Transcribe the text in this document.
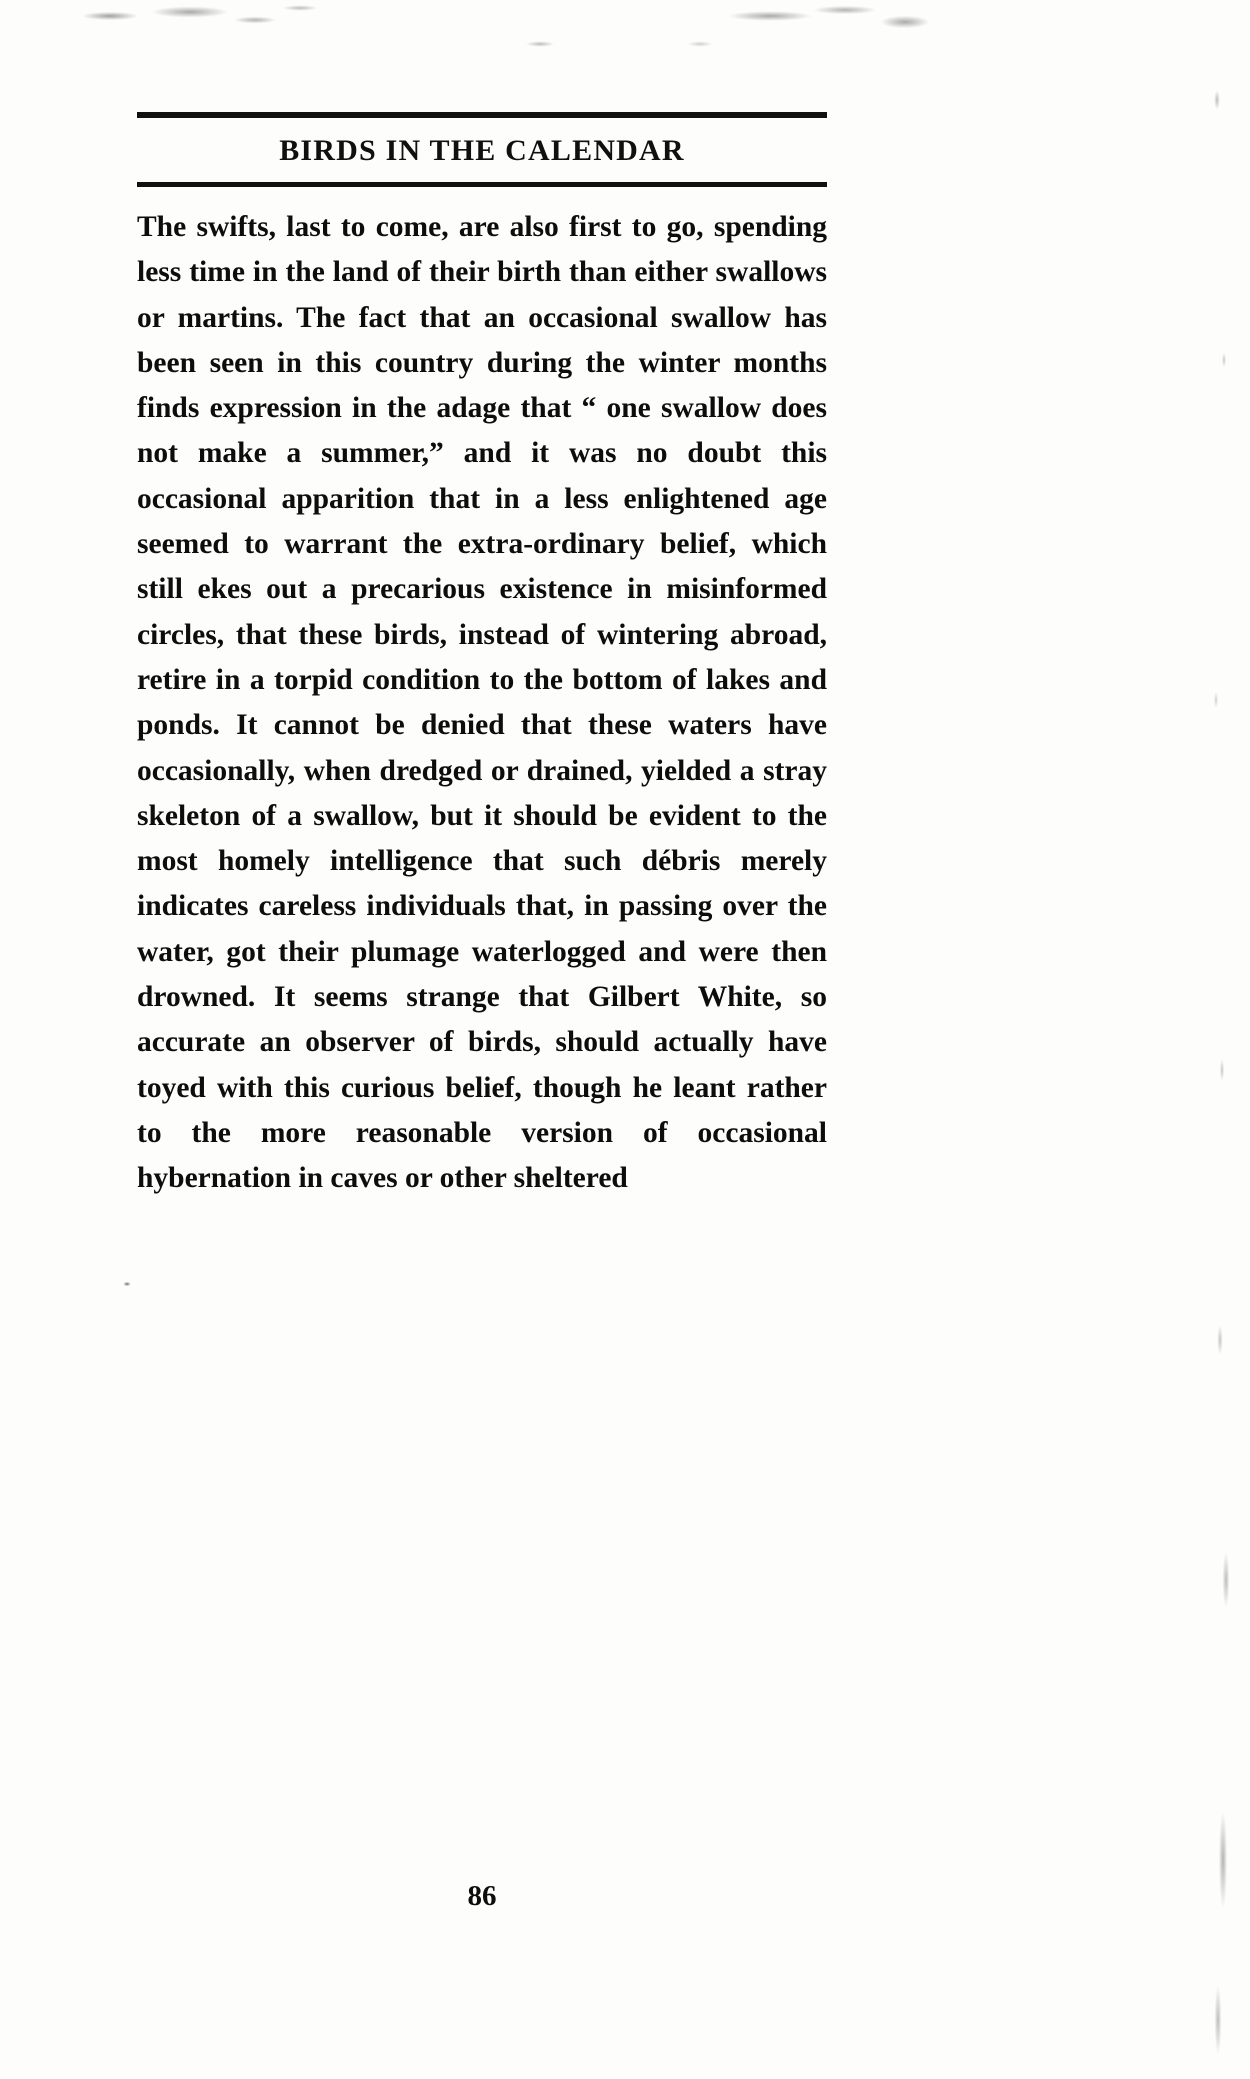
BIRDS IN THE CALENDAR

The swifts, last to come, are also first to go, spending less time in the land of their birth than either swallows or martins. The fact that an occasional swallow has been seen in this country during the winter months finds expression in the adage that “ one swallow does not make a summer,” and it was no doubt this occasional apparition that in a less enlightened age seemed to warrant the extra-ordinary belief, which still ekes out a precarious existence in misinformed circles, that these birds, instead of wintering abroad, retire in a torpid condition to the bottom of lakes and ponds. It cannot be denied that these waters have occasionally, when dredged or drained, yielded a stray skeleton of a swallow, but it should be evident to the most homely intelligence that such débris merely indicates careless individuals that, in passing over the water, got their plumage waterlogged and were then drowned. It seems strange that Gilbert White, so accurate an observer of birds, should actually have toyed with this curious belief, though he leant rather to the more reasonable version of occasional hybernation in caves or other sheltered

86
